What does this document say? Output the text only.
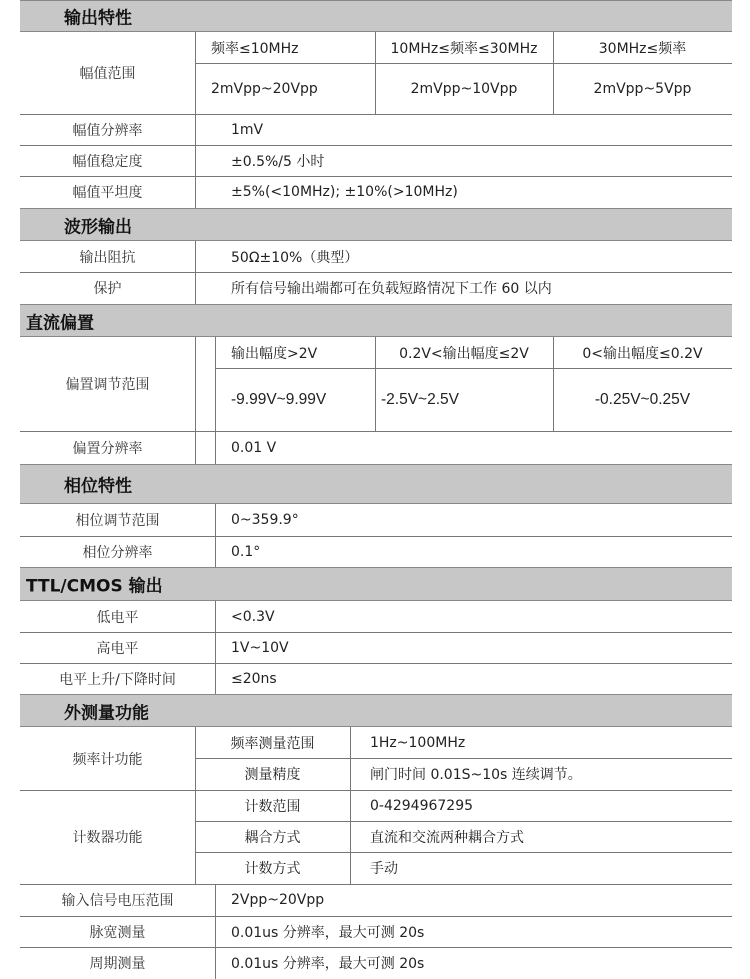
输出特性
幅值范围
频率≤10MHz	10MHz≤频率≤30MHz	30MHz≤频率
2mVpp~20Vpp	2mVpp~10Vpp	2mVpp~5Vpp
幅值分辨率	1mV
幅值稳定度	±0.5%/5 小时
幅值平坦度	±5%(<10MHz); ±10%(>10MHz)
波形输出
输出阻抗	50Ω±10%（典型）
保护	所有信号输出端都可在负载短路情况下工作 60 以内
直流偏置
偏置调节范围
输出幅度>2V	0.2V<输出幅度≤2V	0<输出幅度≤0.2V
-9.99V~9.99V	-2.5V~2.5V	-0.25V~0.25V
偏置分辨率	0.01 V
相位特性
相位调节范围	0~359.9°
相位分辨率	0.1°
TTL/CMOS 输出
低电平	<0.3V
高电平	1V~10V
电平上升/下降时间	≤20ns
外测量功能
频率计功能
频率测量范围	1Hz~100MHz
测量精度	闸门时间 0.01S~10s 连续调节。
计数器功能
计数范围	0-4294967295
耦合方式	直流和交流两种耦合方式
计数方式	手动
输入信号电压范围	2Vpp~20Vpp
脉宽测量	0.01us 分辨率，最大可测 20s
周期测量	0.01us 分辨率，最大可测 20s
